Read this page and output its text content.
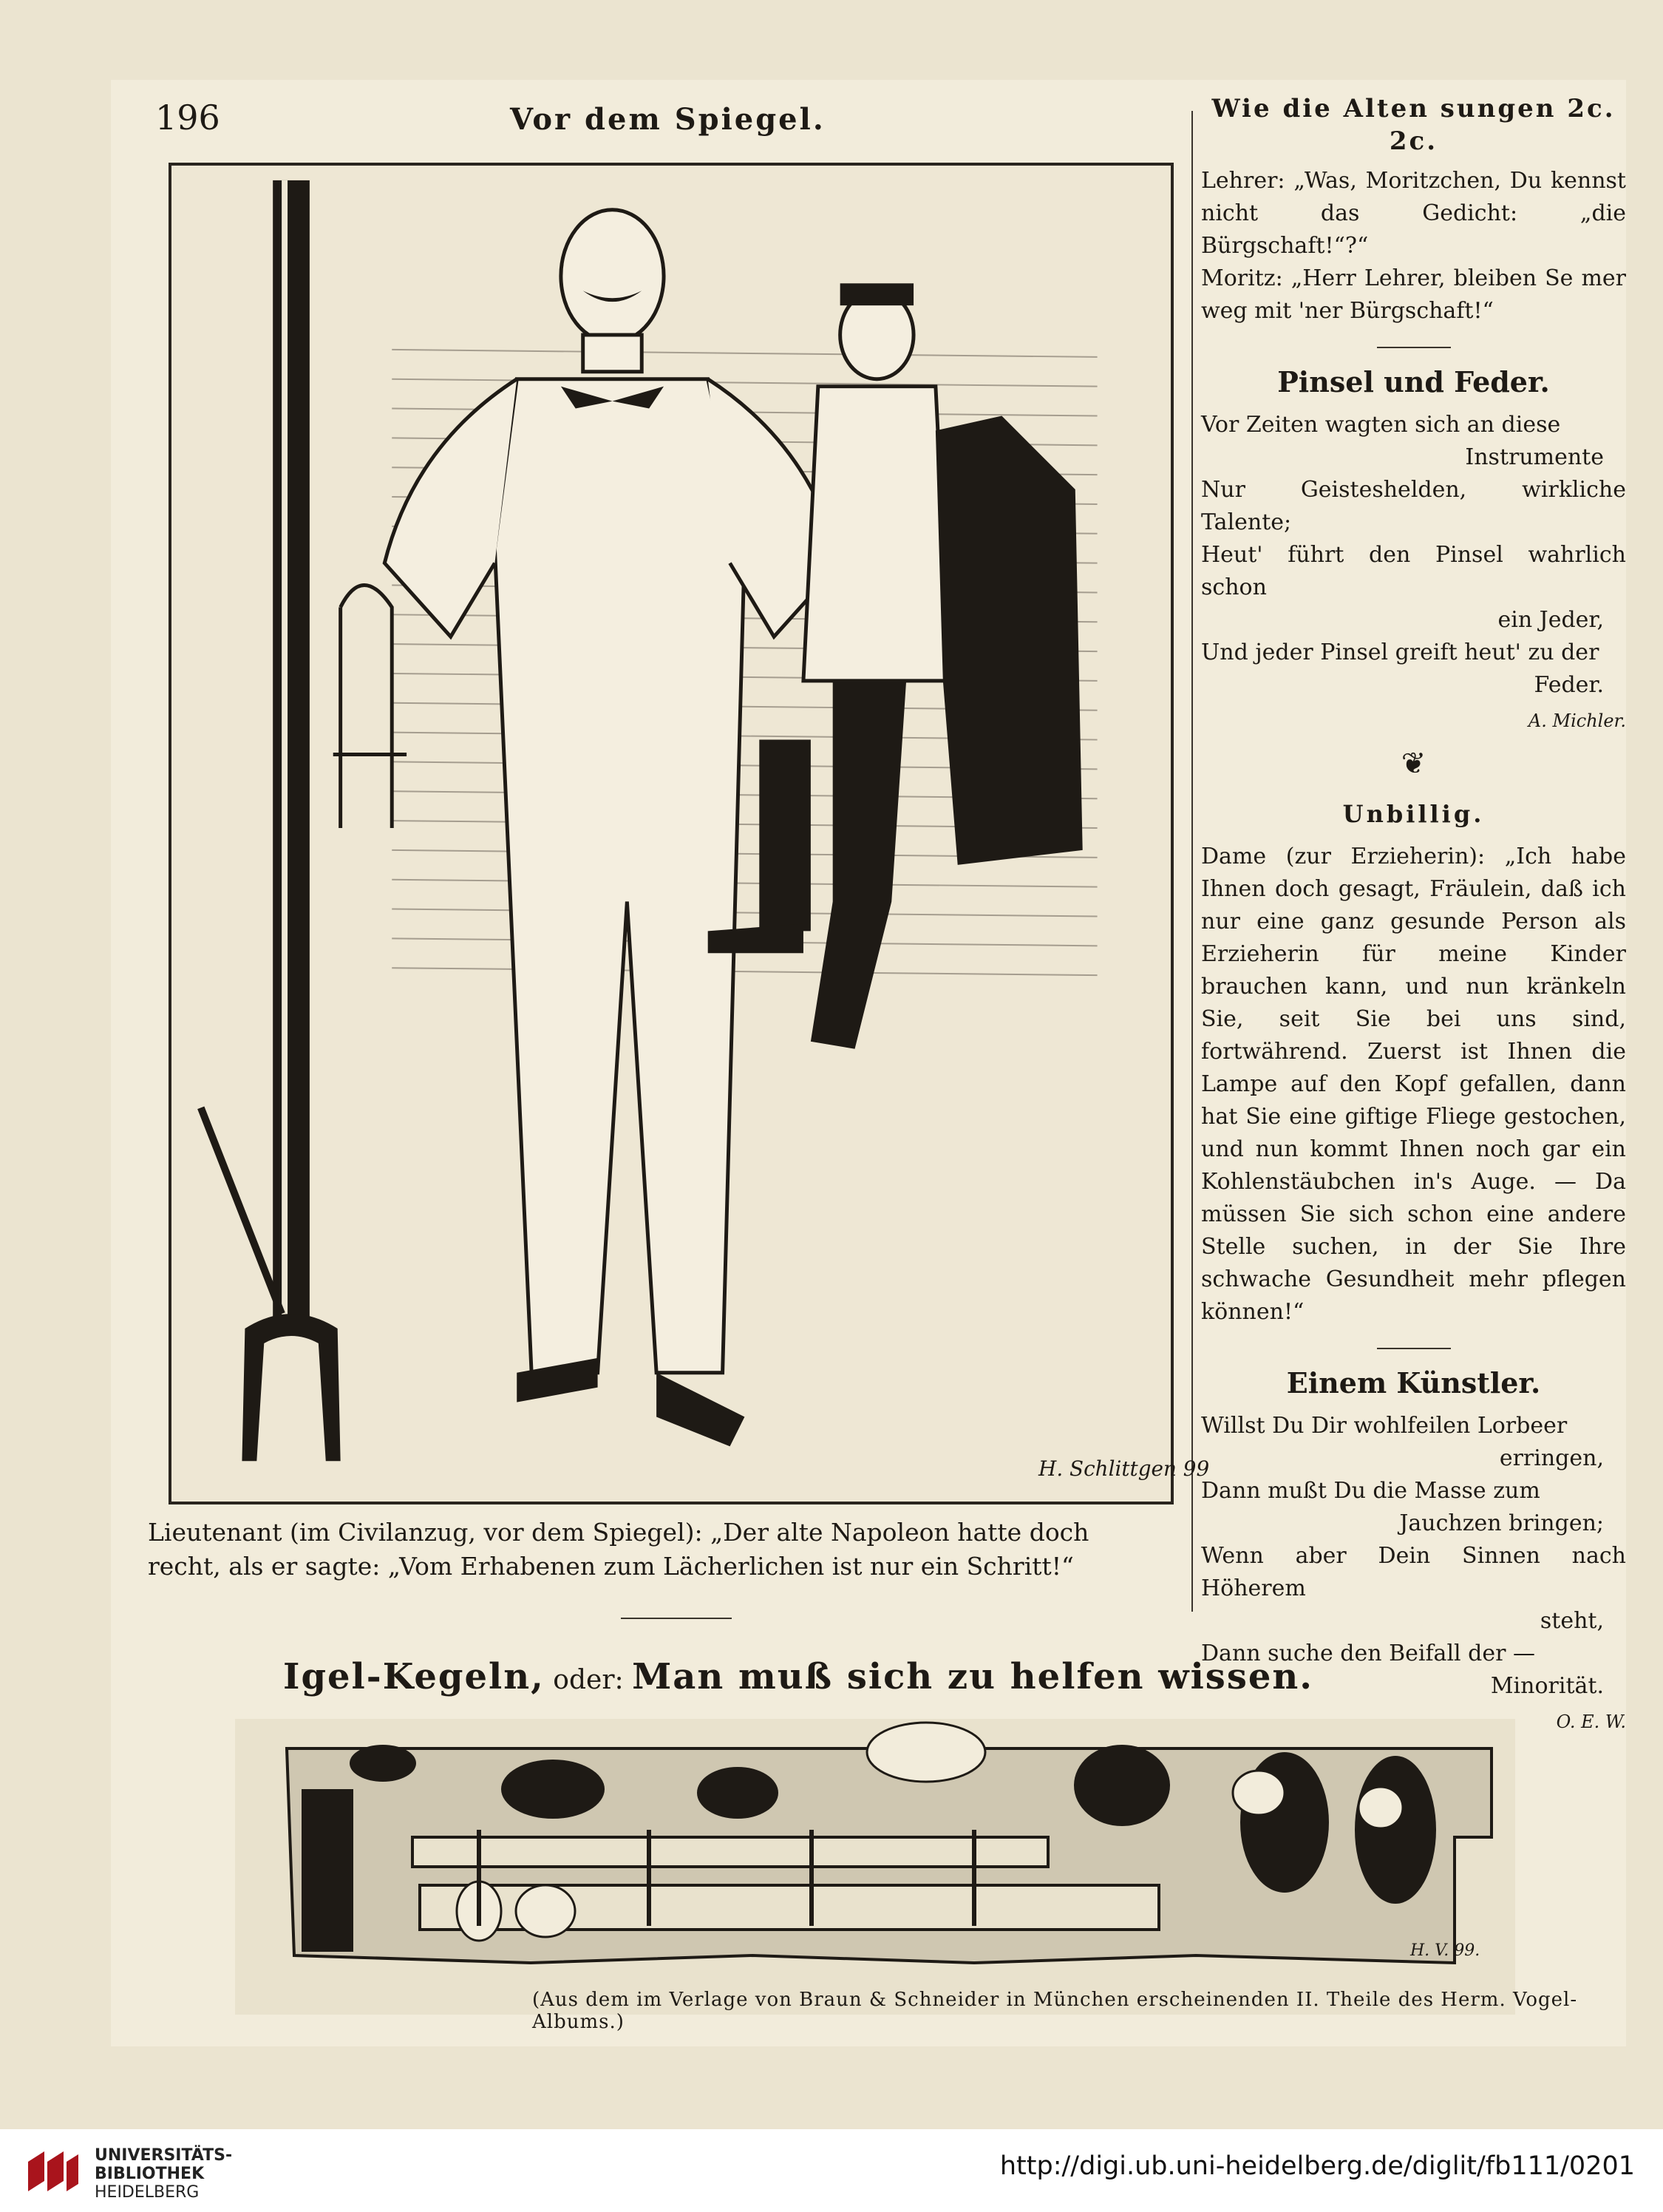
196	Vor dem Spiegel.
H. Schlittgen 99

Lieutenant (im Civilanzug, vor dem Spiegel): „Der alte Napoleon hatte doch

recht, als er sagte: „Vom Erhabenen zum Lächerlichen ist nur ein Schritt!“

Wie die Alten sungen 2c. 2c.

Lehrer: „Was, Moritzchen, Du kennst nicht das Gedicht: „die Bürgschaft!“?“

Moritz: „Herr Lehrer, bleiben Se mer weg mit 'ner Bürgschaft!“

Pinsel und Feder.

Vor Zeiten wagten sich an diese

Instrumente

Nur Geisteshelden, wirkliche Talente;

Heut' führt den Pinsel wahrlich schon

ein Jeder,

Und jeder Pinsel greift heut' zu der

Feder.

A. Michler.
❦
Unbillig.

Dame (zur Erzieherin): „Ich habe Ihnen doch gesagt, Fräulein, daß ich nur eine ganz gesunde Person als Erzieherin für meine Kinder brauchen kann, und nun kränkeln Sie, seit Sie bei uns sind, fortwährend. Zuerst ist Ihnen die Lampe auf den Kopf gefallen, dann hat Sie eine giftige Fliege gestochen, und nun kommt Ihnen noch gar ein Kohlenstäubchen in's Auge. — Da müssen Sie sich schon eine andere Stelle suchen, in der Sie Ihre schwache Gesundheit mehr pflegen können!“

Einem Künstler.

Willst Du Dir wohlfeilen Lorbeer

erringen,

Dann mußt Du die Masse zum

Jauchzen bringen;

Wenn aber Dein Sinnen nach Höherem

steht,

Dann suche den Beifall der —

Minorität.

O. E. W.
Igel-Kegeln, oder: Man muß sich zu helfen wissen.
H. V. 99.
(Aus dem im Verlage von Braun & Schneider in München erscheinenden II. Theile des Herm. Vogel-Albums.)
UNIVERSITÄTS-
BIBLIOTHEK
HEIDELBERG
http://digi.ub.uni-heidelberg.de/diglit/fb111/0201
